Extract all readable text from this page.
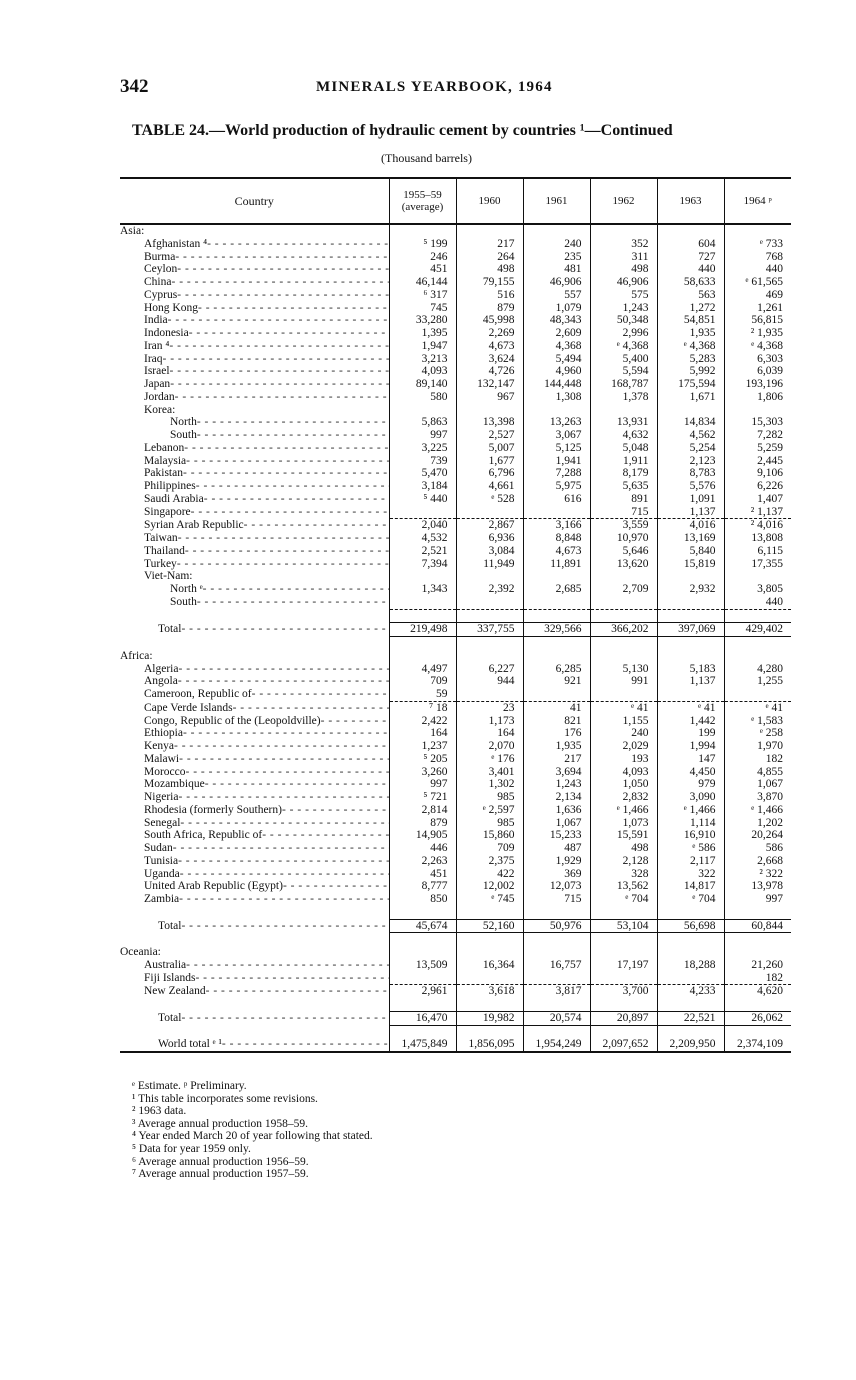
342	MINERALS YEARBOOK, 1964
TABLE 24.—World production of hydraulic cement by countries ¹—Continued
(Thousand barrels)
Country	1955–59 (average)	1960	1961	1962	1963	1964 ᵖ
Asia:						

Afghanistan ⁴
- - -	⁵ 199	217	240	352	604	ᵉ 733

Burma
- - -	246	264	235	311	727	768

Ceylon
- - -	451	498	481	498	440	440

China
- - -	46,144	79,155	46,906	46,906	58,633	ᵉ 61,565

Cyprus
- - -	⁶ 317	516	557	575	563	469

Hong Kong
- - -	745	879	1,079	1,243	1,272	1,261

India
- - -	33,280	45,998	48,343	50,348	54,851	56,815

Indonesia
- - -	1,395	2,269	2,609	2,996	1,935	² 1,935

Iran ⁴
- - -	1,947	4,673	4,368	ᵉ 4,368	ᵉ 4,368	ᵉ 4,368

Iraq
- - -	3,213	3,624	5,494	5,400	5,283	6,303

Israel
- - -	4,093	4,726	4,960	5,594	5,992	6,039

Japan
- - -	89,140	132,147	144,448	168,787	175,594	193,196

Jordan
- - -	580	967	1,308	1,378	1,671	1,806
Korea:						

North
- - -	5,863	13,398	13,263	13,931	14,834	15,303

South
- - -	997	2,527	3,067	4,632	4,562	7,282

Lebanon
- - -	3,225	5,007	5,125	5,048	5,254	5,259

Malaysia
- - -	739	1,677	1,941	1,911	2,123	2,445

Pakistan
- - -	5,470	6,796	7,288	8,179	8,783	9,106

Philippines
- - -	3,184	4,661	5,975	5,635	5,576	6,226

Saudi Arabia
- - -	⁵ 440	ᵉ 528	616	891	1,091	1,407

Singapore
- - -				715	1,137	² 1,137

Syrian Arab Republic
- - -	2,040	2,867	3,166	3,559	4,016	² 4,016

Taiwan
- - -	4,532	6,936	8,848	10,970	13,169	13,808

Thailand
- - -	2,521	3,084	4,673	5,646	5,840	6,115

Turkey
- - -	7,394	11,949	11,891	13,620	15,819	17,355
Viet-Nam:						

North ᵉ
- - -	1,343	2,392	2,685	2,709	2,932	3,805

South
- - -						440

Total
- - -	219,498	337,755	329,566	366,202	397,069	429,402

Africa:						

Algeria
- - -	4,497	6,227	6,285	5,130	5,183	4,280

Angola
- - -	709	944	921	991	1,137	1,255

Cameroon, Republic of
- - -	59					

Cape Verde Islands
- - -	⁷ 18	23	41	ᵉ 41	ᵉ 41	ᵉ 41

Congo, Republic of the (Leopoldville)
- - -	2,422	1,173	821	1,155	1,442	ᵉ 1,583

Ethiopia
- - -	164	164	176	240	199	ᵉ 258

Kenya
- - -	1,237	2,070	1,935	2,029	1,994	1,970

Malawi
- - -	⁵ 205	ᵉ 176	217	193	147	182

Morocco
- - -	3,260	3,401	3,694	4,093	4,450	4,855

Mozambique
- - -	997	1,302	1,243	1,050	979	1,067

Nigeria
- - -	⁵ 721	985	2,134	2,832	3,090	3,870

Rhodesia (formerly Southern)
- - -	2,814	ᵉ 2,597	1,636	ᵉ 1,466	ᵉ 1,466	ᵉ 1,466

Senegal
- - -	879	985	1,067	1,073	1,114	1,202

South Africa, Republic of
- - -	14,905	15,860	15,233	15,591	16,910	20,264

Sudan
- - -	446	709	487	498	ᵉ 586	586

Tunisia
- - -	2,263	2,375	1,929	2,128	2,117	2,668

Uganda
- - -	451	422	369	328	322	² 322

United Arab Republic (Egypt)
- - -	8,777	12,002	12,073	13,562	14,817	13,978

Zambia
- - -	850	ᵉ 745	715	ᵉ 704	ᵉ 704	997

Total
- - -	45,674	52,160	50,976	53,104	56,698	60,844

Oceania:						

Australia
- - -	13,509	16,364	16,757	17,197	18,288	21,260

Fiji Islands
- - -						182

New Zealand
- - -	2,961	3,618	3,817	3,700	4,233	4,620

Total
- - -	16,470	19,982	20,574	20,897	22,521	26,062

World total ᵉ ¹
- - -	1,475,849	1,856,095	1,954,249	2,097,652	2,209,950	2,374,109
ᵉ Estimate. ᵖ Preliminary.
¹ This table incorporates some revisions.
² 1963 data.
³ Average annual production 1958–59.
⁴ Year ended March 20 of year following that stated.
⁵ Data for year 1959 only.
⁶ Average annual production 1956–59.
⁷ Average annual production 1957–59.
